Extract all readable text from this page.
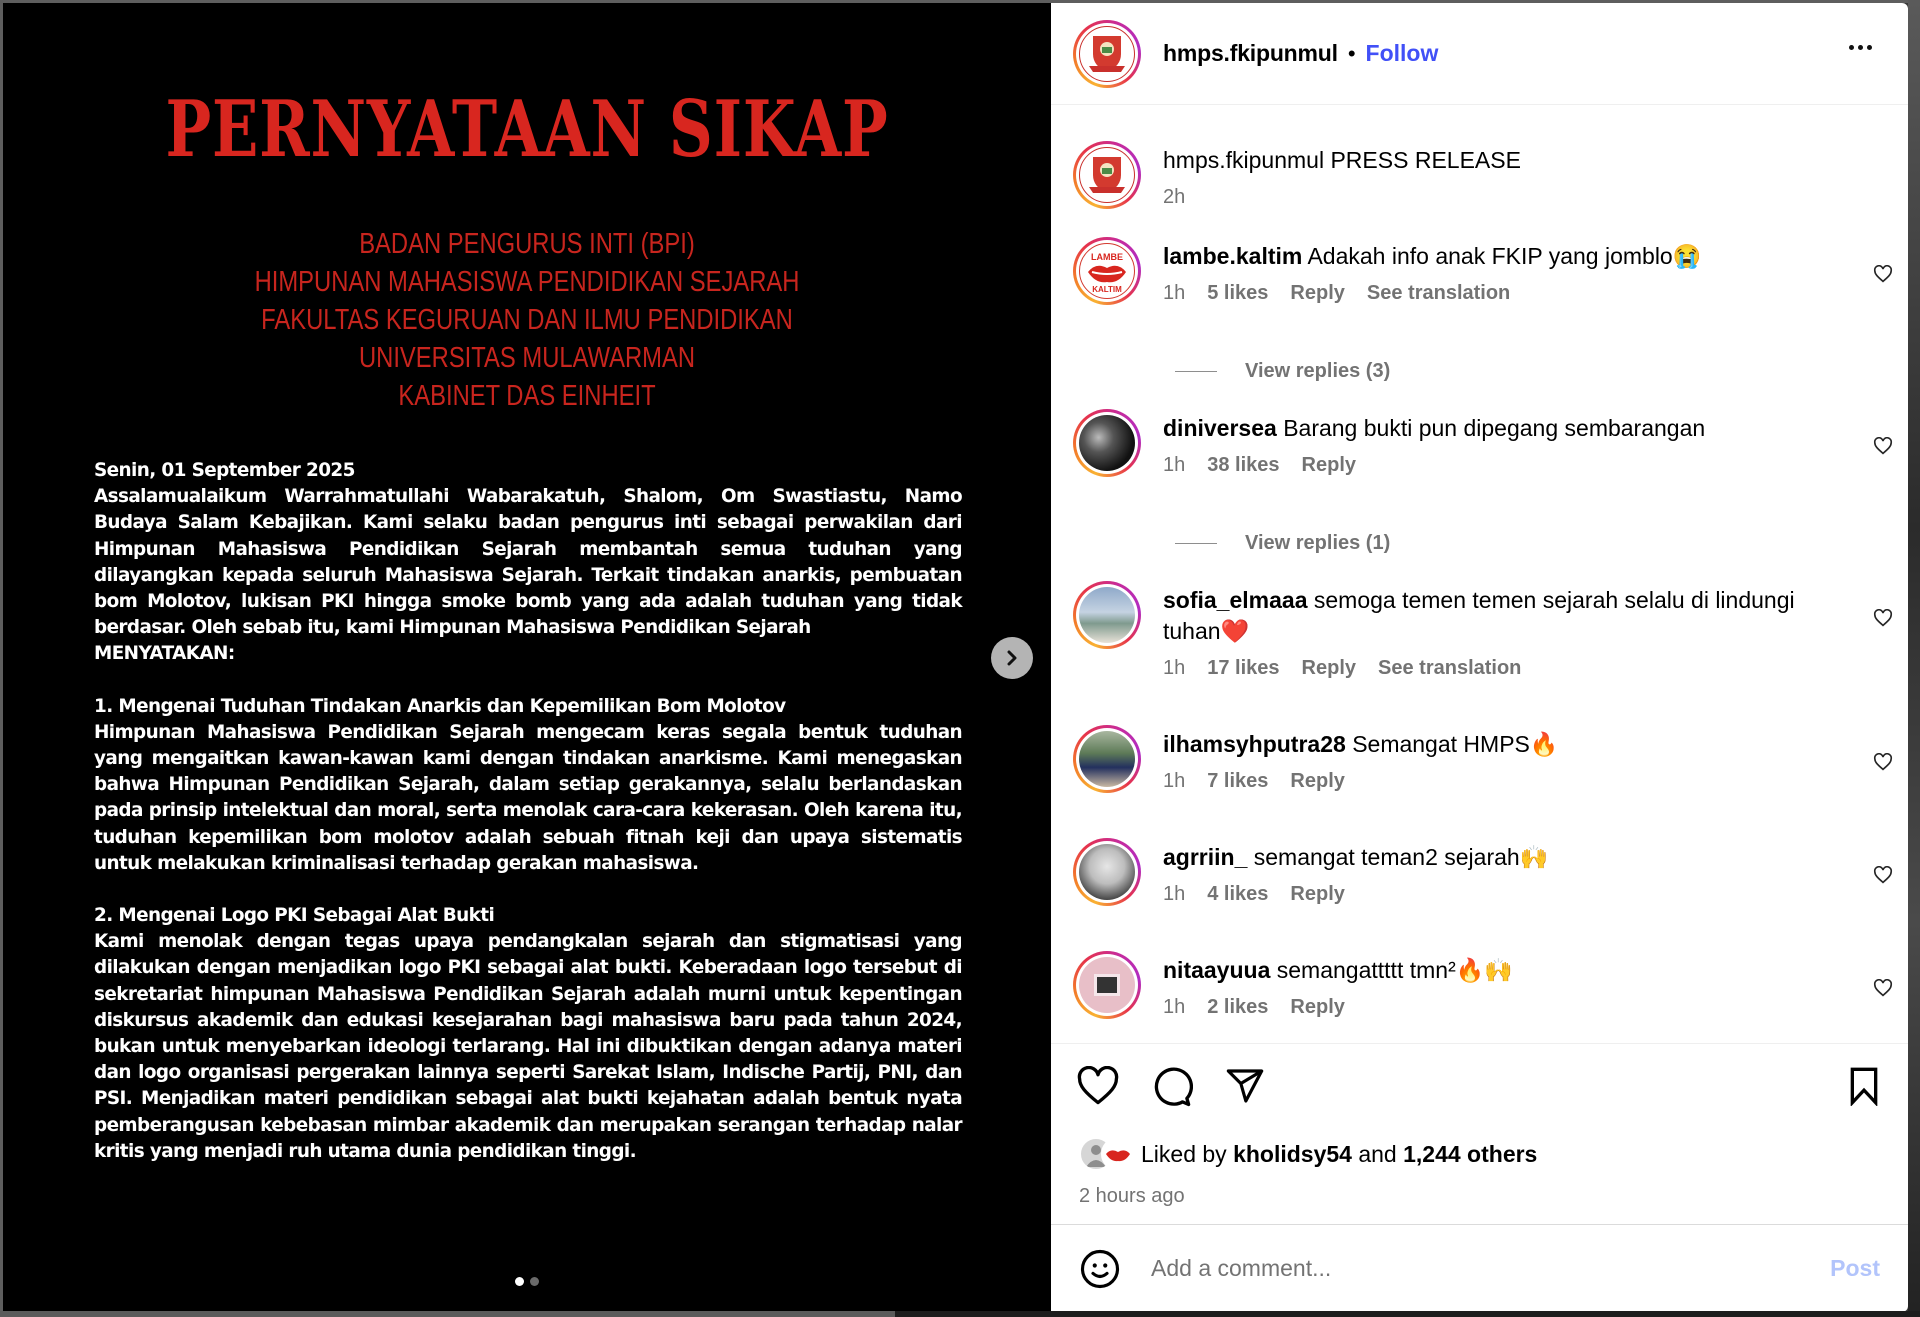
PERNYATAAN SIKAP
BADAN PENGURUS INTI (BPI)
HIMPUNAN MAHASISWA PENDIDIKAN SEJARAH
FAKULTAS KEGURUAN DAN ILMU PENDIDIKAN
UNIVERSITAS MULAWARMAN
KABINET DAS EINHEIT
Senin, 01 September 2025

Assalamualaikum Warrahmatullahi Wabarakatuh, Shalom, Om Swastiastu, Namo Budaya Salam Kebajikan. Kami selaku badan pengurus inti sebagai perwakilan dari Himpunan Mahasiswa Pendidikan Sejarah membantah semua tuduhan yang dilayangkan kepada seluruh Mahasiswa Sejarah. Terkait tindakan anarkis, pembuatan bom Molotov, lukisan PKI hingga smoke bomb yang ada adalah tuduhan yang tidak berdasar. Oleh sebab itu, kami Himpunan Mahasiswa Pendidikan Sejarah

MENYATAKAN:
1. Mengenai Tuduhan Tindakan Anarkis dan Kepemilikan Bom Molotov

Himpunan Mahasiswa Pendidikan Sejarah mengecam keras segala bentuk tuduhan yang mengaitkan kawan-kawan kami dengan tindakan anarkisme. Kami menegaskan bahwa Himpunan Pendidikan Sejarah, dalam setiap gerakannya, selalu berlandaskan pada prinsip intelektual dan moral, serta menolak cara-cara kekerasan. Oleh karena itu, tuduhan kepemilikan bom molotov adalah sebuah fitnah keji dan upaya sistematis untuk melakukan kriminalisasi terhadap gerakan mahasiswa.

2. Mengenai Logo PKI Sebagai Alat Bukti

Kami menolak dengan tegas upaya pendangkalan sejarah dan stigmatisasi yang dilakukan dengan menjadikan logo PKI sebagai alat bukti. Keberadaan logo tersebut di sekretariat himpunan Mahasiswa Pendidikan Sejarah adalah murni untuk kepentingan diskursus akademik dan edukasi kesejarahan bagi mahasiswa baru pada tahun 2024, bukan untuk menyebarkan ideologi terlarang. Hal ini dibuktikan dengan adanya materi dan logo organisasi pergerakan lainnya seperti Sarekat Islam, Indische Partij, PNI, dan PSI. Menjadikan materi pendidikan sebagai alat bukti kejahatan adalah bentuk nyata pemberangusan kebebasan mimbar akademik dan merupakan serangan terhadap nalar kritis yang menjadi ruh utama dunia pendidikan tinggi.

hmps.fkipunmul • Follow
hmps.fkipunmul PRESS RELEASE
2h
LAMBE
KALTIM
lambe.kaltim Adakah info anak FKIP yang jomblo😭
1h 5 likes Reply See translation
View replies (3)
diniversea Barang bukti pun dipegang sembarangan
1h 38 likes Reply
View replies (1)
sofia_elmaaa semoga temen temen sejarah selalu di lindungi tuhan❤️
1h 17 likes Reply See translation
ilhamsyhputra28 Semangat HMPS🔥
1h 7 likes Reply
agrriin_ semangat teman2 sejarah🙌
1h 4 likes Reply
nitaayuua semangattttt tmn²🔥🙌
1h 2 likes Reply
Liked by
kholidsy54
and
1,244 others
2 hours ago
Add a comment...
Post
